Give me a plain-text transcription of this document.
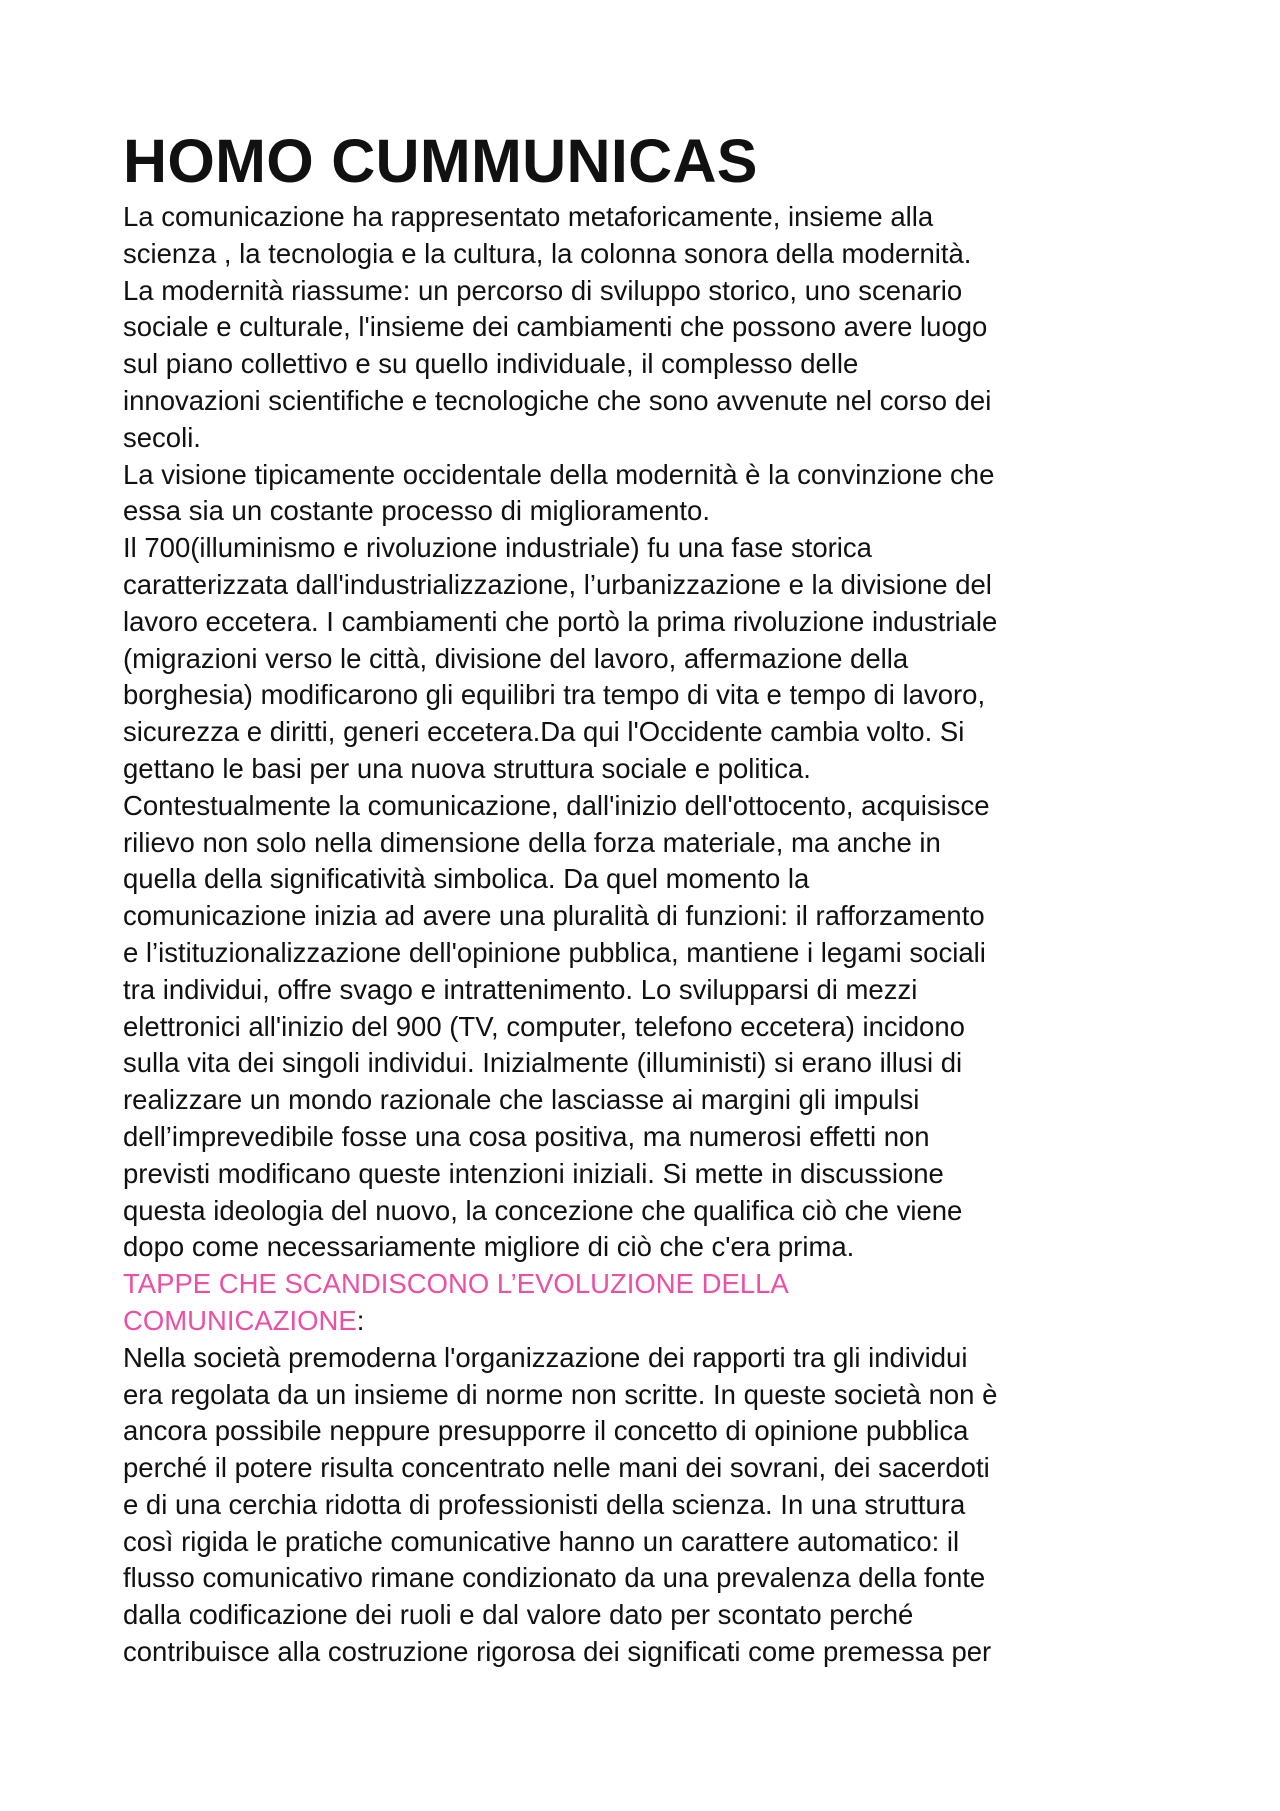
HOMO CUMMUNICAS
La comunicazione ha rappresentato metaforicamente, insieme alla
scienza , la tecnologia e la cultura, la colonna sonora della modernità.
La modernità riassume: un percorso di sviluppo storico, uno scenario
sociale e culturale, l'insieme dei cambiamenti che possono avere luogo
sul piano collettivo e su quello individuale, il complesso delle
innovazioni scientifiche e tecnologiche che sono avvenute nel corso dei
secoli.
La visione tipicamente occidentale della modernità è la convinzione che
essa sia un costante processo di miglioramento.
Il 700(illuminismo e rivoluzione industriale) fu una fase storica
caratterizzata dall'industrializzazione, l’urbanizzazione e la divisione del
lavoro eccetera. I cambiamenti che portò la prima rivoluzione industriale
(migrazioni verso le città, divisione del lavoro, affermazione della
borghesia) modificarono gli equilibri tra tempo di vita e tempo di lavoro,
sicurezza e diritti, generi eccetera.Da qui l'Occidente cambia volto. Si
gettano le basi per una nuova struttura sociale e politica.
Contestualmente la comunicazione, dall'inizio dell'ottocento, acquisisce
rilievo non solo nella dimensione della forza materiale, ma anche in
quella della significatività simbolica. Da quel momento la
comunicazione inizia ad avere una pluralità di funzioni: il rafforzamento
e l’istituzionalizzazione dell'opinione pubblica, mantiene i legami sociali
tra individui, offre svago e intrattenimento. Lo svilupparsi di mezzi
elettronici all'inizio del 900 (TV, computer, telefono eccetera) incidono
sulla vita dei singoli individui. Inizialmente (illuministi) si erano illusi di
realizzare un mondo razionale che lasciasse ai margini gli impulsi
dell’imprevedibile fosse una cosa positiva, ma numerosi effetti non
previsti modificano queste intenzioni iniziali. Si mette in discussione
questa ideologia del nuovo, la concezione che qualifica ciò che viene
dopo come necessariamente migliore di ciò che c'era prima.
TAPPE CHE SCANDISCONO L’EVOLUZIONE DELLA
COMUNICAZIONE:
Nella società premoderna l'organizzazione dei rapporti tra gli individui
era regolata da un insieme di norme non scritte. In queste società non è
ancora possibile neppure presupporre il concetto di opinione pubblica
perché il potere risulta concentrato nelle mani dei sovrani, dei sacerdoti
e di una cerchia ridotta di professionisti della scienza. In una struttura
così rigida le pratiche comunicative hanno un carattere automatico: il
flusso comunicativo rimane condizionato da una prevalenza della fonte
dalla codificazione dei ruoli e dal valore dato per scontato perché
contribuisce alla costruzione rigorosa dei significati come premessa per
